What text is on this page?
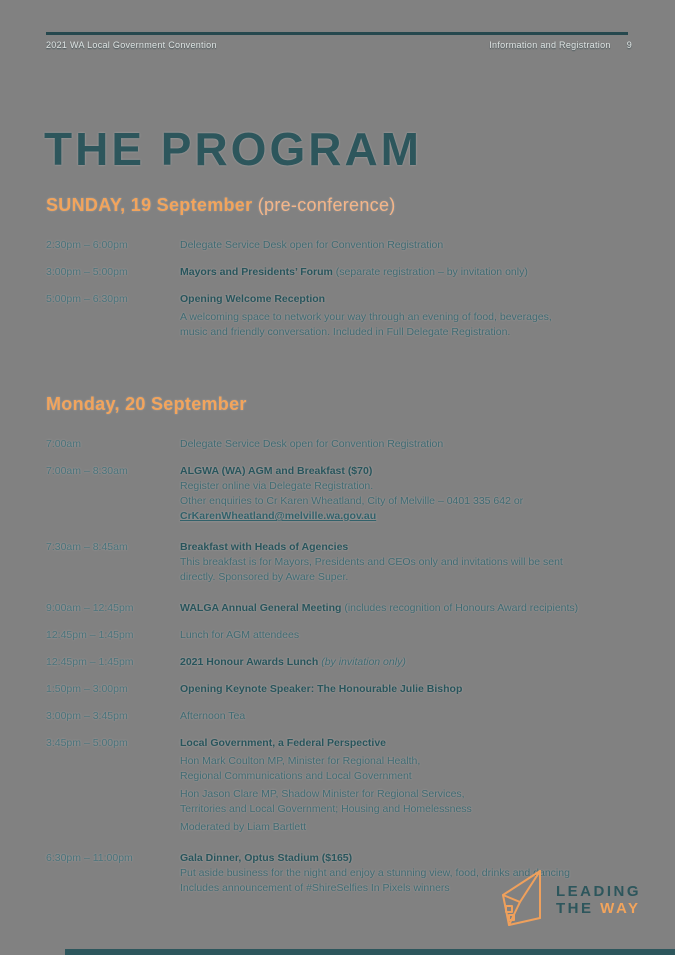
2021 WA Local Government Convention	Information and Registration 9
THE PROGRAM
SUNDAY, 19 September (pre-conference)
2:30pm – 6:00pm	Delegate Service Desk open for Convention Registration
3:00pm – 5:00pm	Mayors and Presidents’ Forum (separate registration – by invitation only)
5:00pm – 6:30pm	Opening Welcome Reception
A welcoming space to network your way through an evening of food, beverages,
music and friendly conversation. Included in Full Delegate Registration.
Monday, 20 September
7:00am	Delegate Service Desk open for Convention Registration
7:00am – 8:30am	ALGWA (WA) AGM and Breakfast ($70)
Register online via Delegate Registration.
Other enquiries to Cr Karen Wheatland, City of Melville – 0401 335 642 or
CrKarenWheatland@melville.wa.gov.au
7:30am – 8:45am	Breakfast with Heads of Agencies
This breakfast is for Mayors, Presidents and CEOs only and invitations will be sent
directly. Sponsored by Aware Super.
9:00am – 12:45pm	WALGA Annual General Meeting (includes recognition of Honours Award recipients)
12:45pm – 1:45pm	Lunch for AGM attendees
12:45pm – 1:45pm	2021 Honour Awards Lunch (by invitation only)
1:50pm – 3:00pm	Opening Keynote Speaker: The Honourable Julie Bishop
3:00pm – 3:45pm	Afternoon Tea
3:45pm – 5:00pm	Local Government, a Federal Perspective
Hon Mark Coulton MP, Minister for Regional Health,
Regional Communications and Local Government
Hon Jason Clare MP, Shadow Minister for Regional Services,
Territories and Local Government; Housing and Homelessness
Moderated by Liam Bartlett
6:30pm – 11:00pm	Gala Dinner, Optus Stadium ($165)
Put aside business for the night and enjoy a stunning view, food, drinks and dancing
Includes announcement of #ShireSelfies In Pixels winners	LEADING
THE WAY
